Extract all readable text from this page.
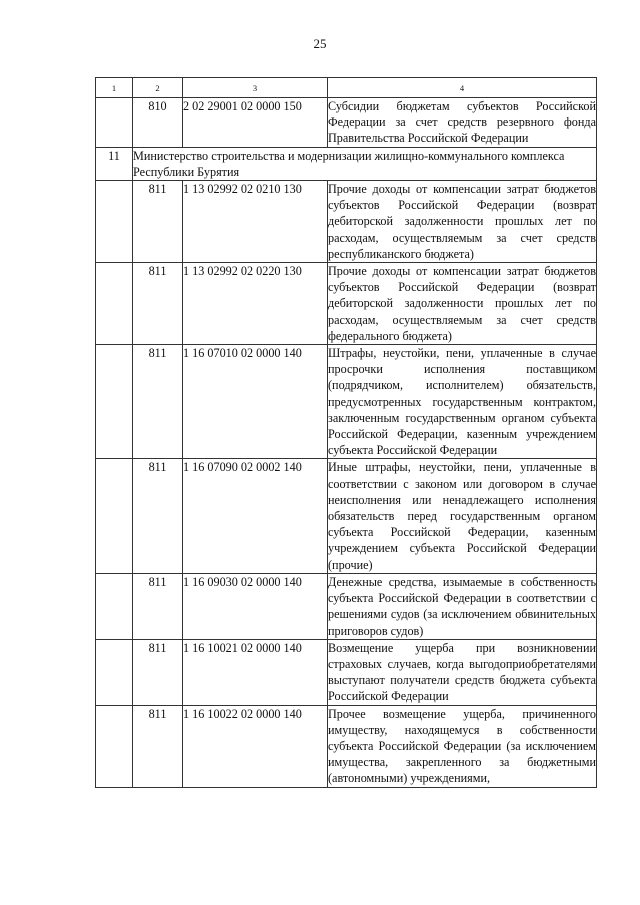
25
1	2	3	4
	810	2 02 29001 02 0000 150	Субсидии бюджетам субъектов Российской Федерации за счет средств резервного фонда Правительства Российской Федерации
11	Министерство строительства и модернизации жилищно-коммунального комплекса Республики Бурятия		
	811	1 13 02992 02 0210 130	Прочие доходы от компенсации затрат бюджетов субъектов Российской Федерации (возврат дебиторской задолженности прошлых лет по расходам, осуществляемым за счет средств республиканского бюджета)
	811	1 13 02992 02 0220 130	Прочие доходы от компенсации затрат бюджетов субъектов Российской Федерации (возврат дебиторской задолженности прошлых лет по расходам, осуществляемым за счет средств федерального бюджета)
	811	1 16 07010 02 0000 140	Штрафы, неустойки, пени, уплаченные в случае просрочки исполнения поставщиком (подрядчиком, исполнителем) обязательств, предусмотренных государственным контрактом, заключенным государственным органом субъекта Российской Федерации, казенным учреждением субъекта Российской Федерации
	811	1 16 07090 02 0002 140	Иные штрафы, неустойки, пени, уплаченные в соответствии с законом или договором в случае неисполнения или ненадлежащего исполнения обязательств перед государственным органом субъекта Российской Федерации, казенным учреждением субъекта Российской Федерации (прочие)
	811	1 16 09030 02 0000 140	Денежные средства, изымаемые в собственность субъекта Российской Федерации в соответствии с решениями судов (за исключением обвинительных приговоров судов)
	811	1 16 10021 02 0000 140	Возмещение ущерба при возникновении страховых случаев, когда выгодоприобретателями выступают получатели средств бюджета субъекта Российской Федерации
	811	1 16 10022 02 0000 140	Прочее возмещение ущерба, причиненного имуществу, находящемуся в собственности субъекта Российской Федерации (за исключением имущества, закрепленного за бюджетными (автономными) учреждениями,
